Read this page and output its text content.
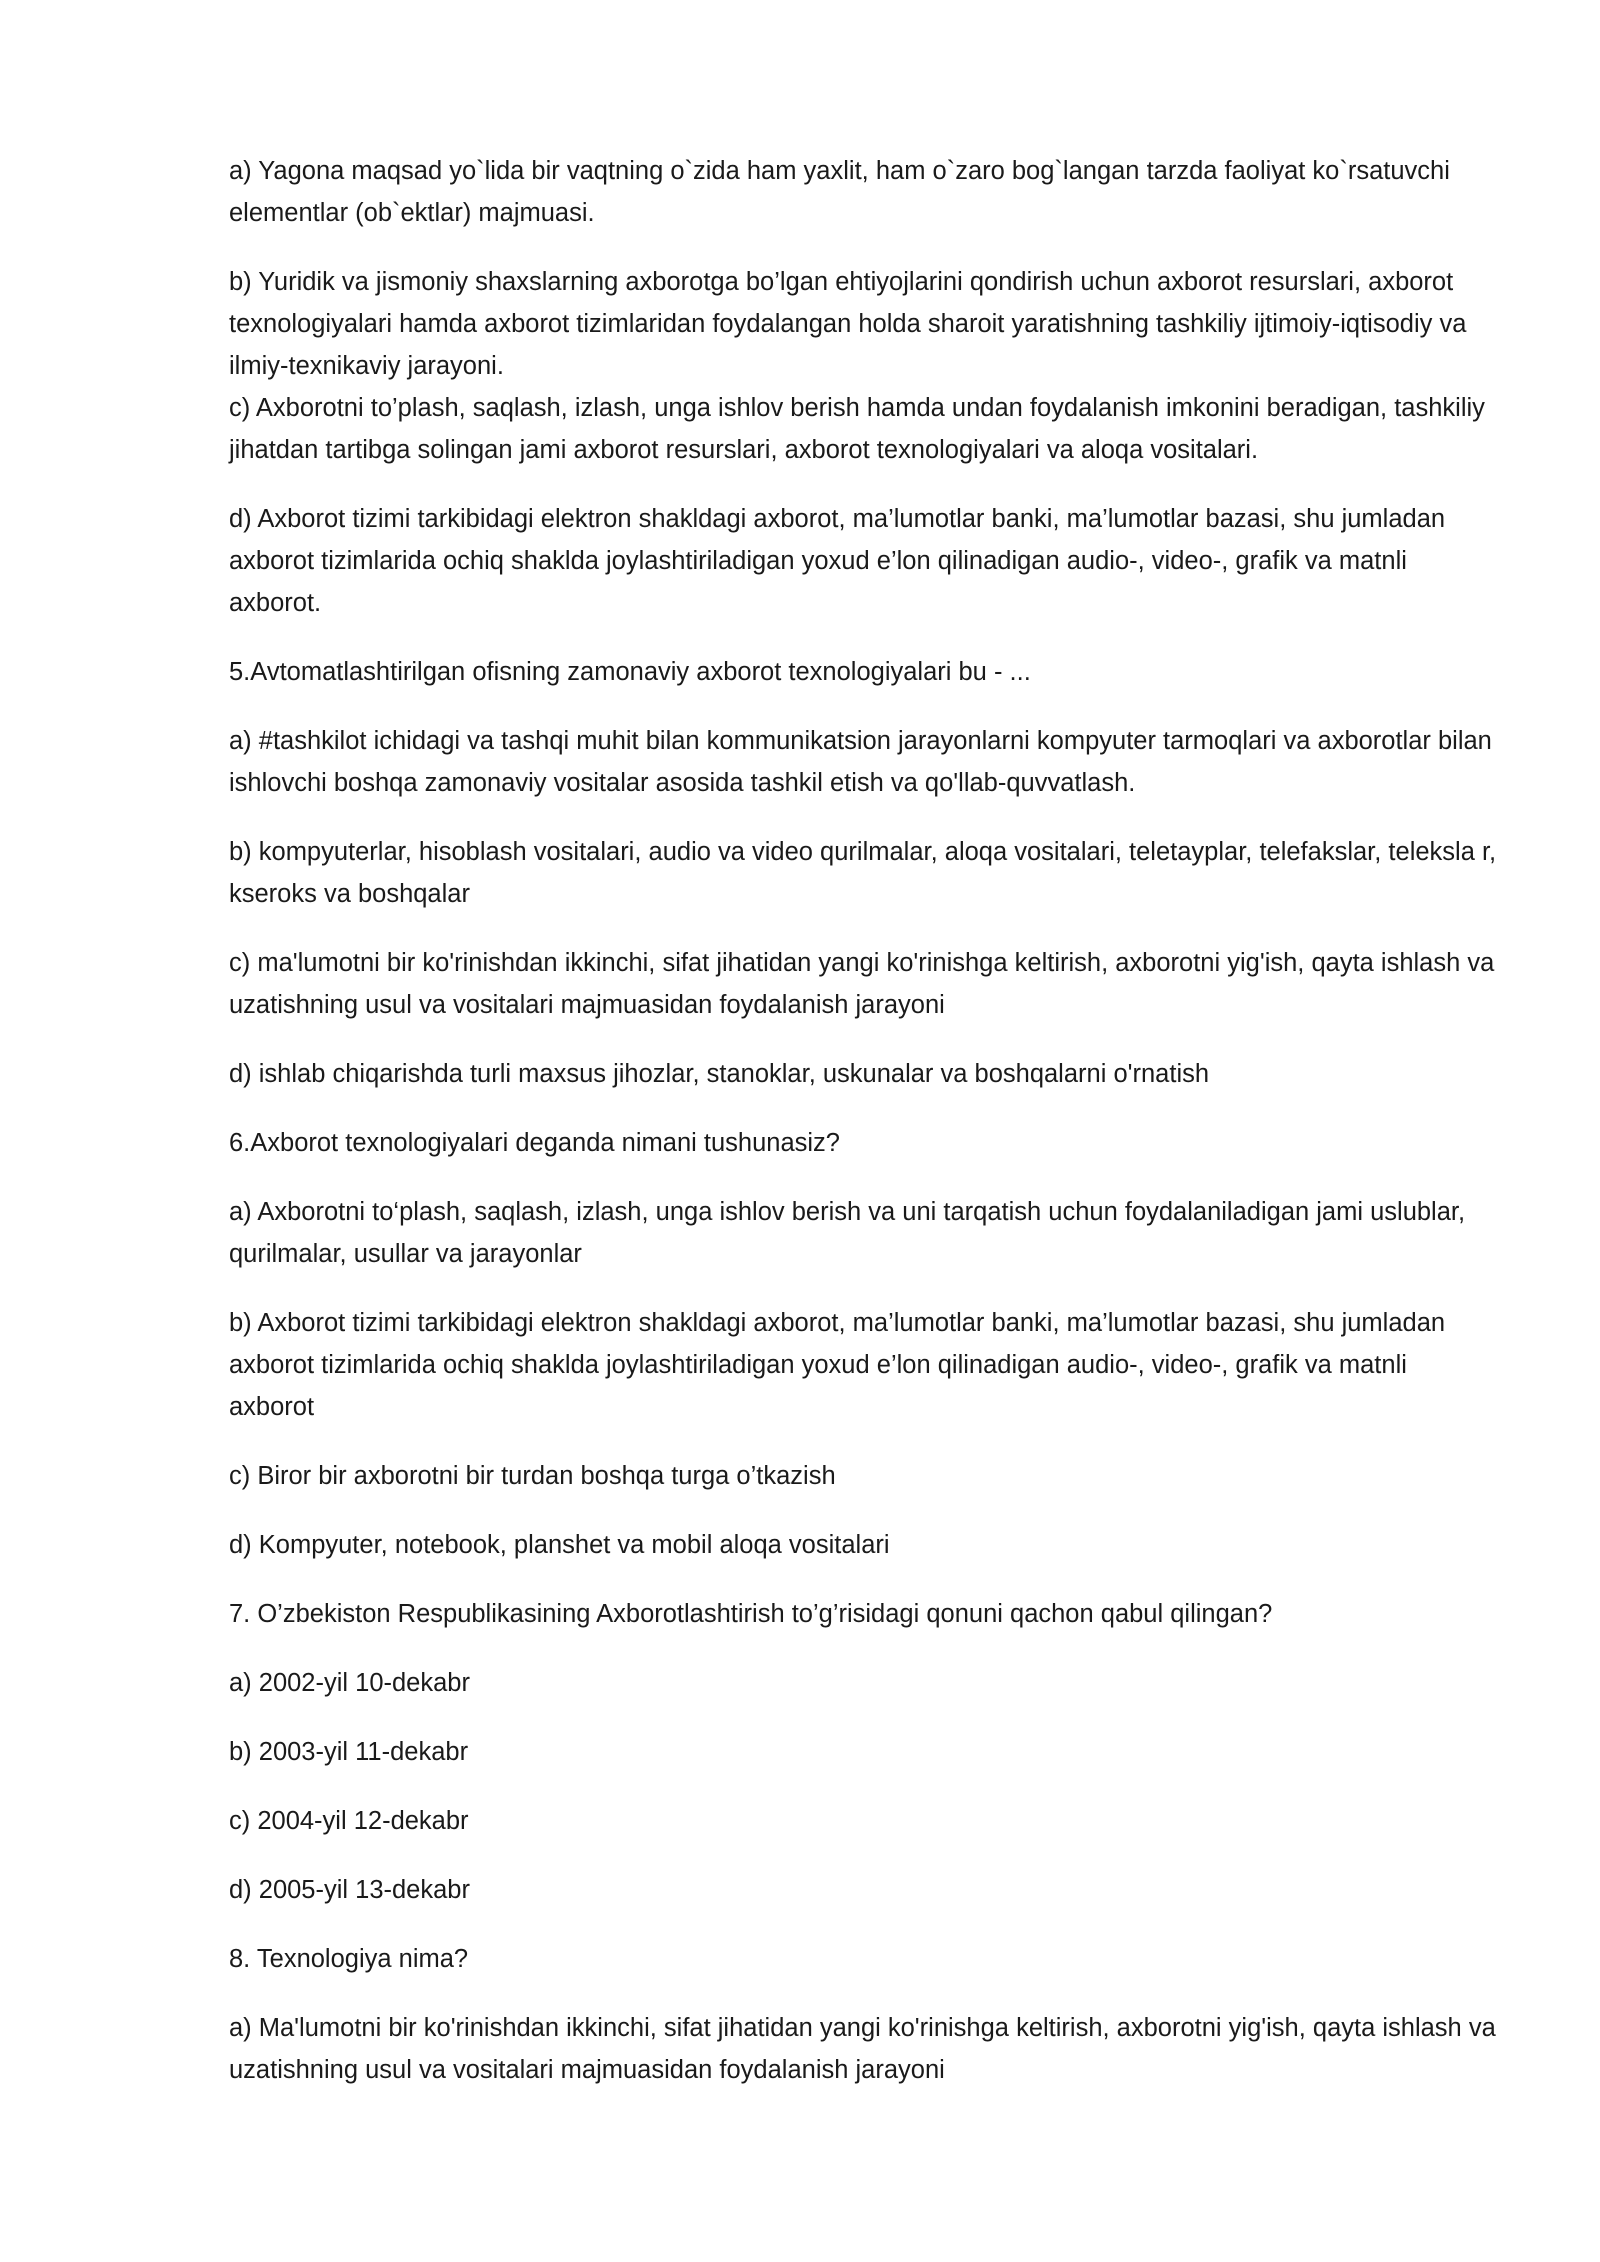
a) Yagona maqsad yo`lida bir vaqtning o`zida ham yaxlit, ham o`zaro bog`langan tarzda faoliyat ko`rsatuvchi elementlar (ob`ektlar) majmuasi.

b) Yuridik va jismoniy shaxslarning axborotga bo’lgan ehtiyojlarini qondirish uchun axborot resurslari, axborot texnologiyalari hamda axborot tizimlaridan foydalangan holda sharoit yaratishning tashkiliy ijtimoiy-iqtisodiy va ilmiy-texnikaviy jarayoni.

c) Axborotni to’plash, saqlash, izlash, unga ishlov berish hamda undan foydalanish imkonini beradigan, tashkiliy jihatdan tartibga solingan jami axborot resurslari, axborot texnologiyalari va aloqa vositalari.

d) Axborot tizimi tarkibidagi elektron shakldagi axborot, ma’lumotlar banki, ma’lumotlar bazasi, shu jumladan axborot tizimlarida ochiq shaklda joylashtiriladigan yoxud e’lon qilinadigan audio-, video-, grafik va matnli axborot.

5.Avtomatlashtirilgan ofisning zamonaviy axborot texnologiyalari bu - ...

a) #tashkilot ichidagi va tashqi muhit bilan kommunikatsion jarayonlarni kompyuter tarmoqlari va axborotlar bilan ishlovchi boshqa zamonaviy vositalar asosida tashkil etish va qo'llab-quvvatlash.

b) kompyuterlar, hisoblash vositalari, audio va video qurilmalar, aloqa vositalari, teletayplar, telefakslar, teleksla r, kseroks va boshqalar

c) ma'lumotni bir ko'rinishdan ikkinchi, sifat jihatidan yangi ko'rinishga keltirish, axborotni yig'ish, qayta ishlash va uzatishning usul va vositalari majmuasidan foydalanish jarayoni

d) ishlab chiqarishda turli maxsus jihozlar, stanoklar, uskunalar va boshqalarni o'rnatish

6.Axborot texnologiyalari deganda nimani tushunasiz?

a) Axborotni to‘plash, saqlash, izlash, unga ishlov berish va uni tarqatish uchun foydalaniladigan jami uslublar, qurilmalar, usullar va jarayonlar

b) Axborot tizimi tarkibidagi elektron shakldagi axborot, ma’lumotlar banki, ma’lumotlar bazasi, shu jumladan axborot tizimlarida ochiq shaklda joylashtiriladigan yoxud e’lon qilinadigan audio-, video-, grafik va matnli axborot

c) Biror bir axborotni bir turdan boshqa turga o’tkazish

d) Kompyuter, notebook, planshet va mobil aloqa vositalari

7. O’zbekiston Respublikasining Axborotlashtirish to’g’risidagi qonuni qachon qabul qilingan?

a) 2002-yil 10-dekabr

b) 2003-yil 11-dekabr

c) 2004-yil 12-dekabr

d) 2005-yil 13-dekabr

8. Texnologiya nima?

a) Ma'lumotni bir ko'rinishdan ikkinchi, sifat jihatidan yangi ko'rinishga keltirish, axborotni yig'ish, qayta ishlash va uzatishning usul va vositalari majmuasidan foydalanish jarayoni
